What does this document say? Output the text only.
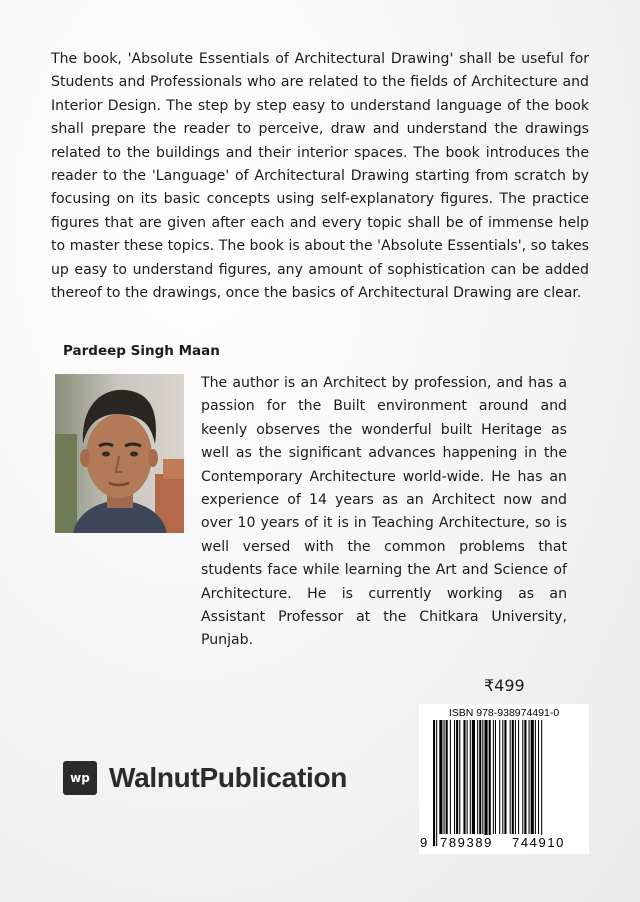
The book, 'Absolute Essentials of Architectural Drawing' shall be useful for Students and Professionals who are related to the fields of Architecture and Interior Design. The step by step easy to understand language of the book shall prepare the reader to perceive, draw and understand the drawings related to the buildings and their interior spaces. The book introduces the reader to the 'Language' of Architectural Drawing starting from scratch by focusing on its basic concepts using self-explanatory figures. The practice figures that are given after each and every topic shall be of immense help to master these topics. The book is about the 'Absolute Essentials', so takes up easy to understand figures, any amount of sophistication can be added thereof to the drawings, once the basics of Architectural Drawing are clear.

Pardeep Singh Maan

The author is an Architect by profession, and has a passion for the Built environment around and keenly observes the wonderful built Heritage as well as the significant advances happening in the Contemporary Architecture world-wide. He has an experience of 14 years as an Architect now and over 10 years of it is in Teaching Architecture, so is well versed with the common problems that students face while learning the Art and Science of Architecture. He is currently working as an Assistant Professor at the Chitkara University, Punjab.

₹499

wp WalnutPublication
ISBN 978-938974491-0
9 789389 744910
